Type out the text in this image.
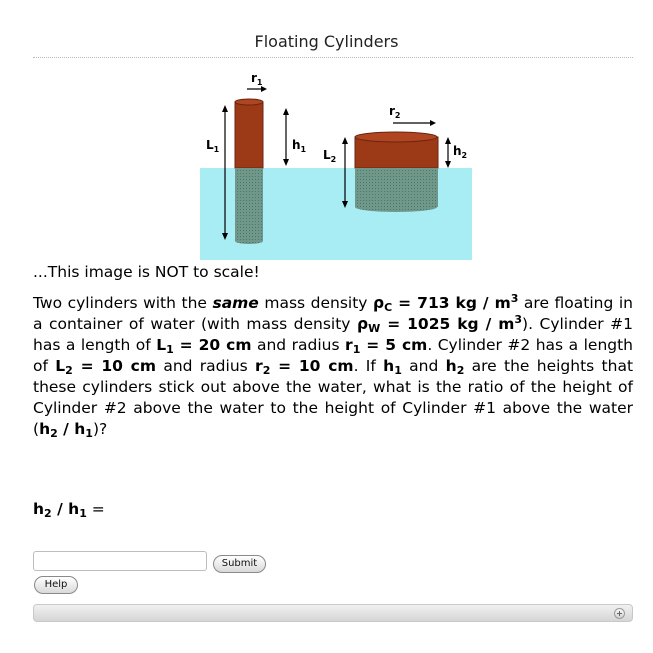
Floating Cylinders
$r_1$
$r_2$
$L_1$	$h_1$ $L_2$
$h_2$
...This image is NOT to scale!
Two cylinders with the same mass density $\rho_C = 713$ kg / $m^3$ are floating in a container of water (with mass density $\rho_W = 1025$ kg / $m^3$). Cylinder #1 has a length of $L_1 = 20$ cm and radius $r_1 = 5$ cm. Cylinder #2 has a length of $L_2 = 10$ cm and radius $r_2 = 10$ cm. If $h_1$ and $h_2$ are the heights that these cylinders stick out above the water, what is the ratio of the height of Cylinder #2 above the water to the height of Cylinder #1 above the water $(h_2 / h_1)$?
$h_2 / h_1$ =
Submit
Help
